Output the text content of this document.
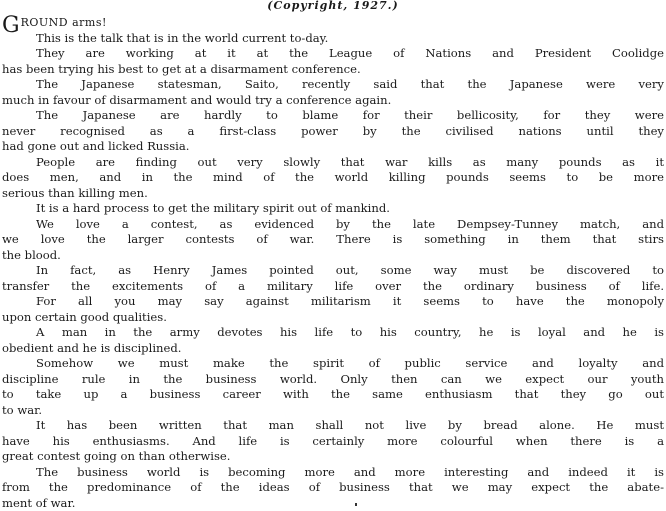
(Copyright, 1927.)
GROUND arms!
This is the talk that is in the world current to-day.
They are working at it at the League of Nations and President Coolidge
has been trying his best to get at a disarmament conference.
The Japanese statesman, Saito, recently said that the Japanese were very
much in favour of disarmament and would try a conference again.
The Japanese are hardly to blame for their bellicosity, for they were
never recognised as a first-class power by the civilised nations until they
had gone out and licked Russia.
People are finding out very slowly that war kills as many pounds as it
does men, and in the mind of the world killing pounds seems to be more
serious than killing men.
It is a hard process to get the military spirit out of mankind.
We love a contest, as evidenced by the late Dempsey-Tunney match, and
we love the larger contests of war. There is something in them that stirs
the blood.
In fact, as Henry James pointed out, some way must be discovered to
transfer the excitements of a military life over the ordinary business of life.
For all you may say against militarism it seems to have the monopoly
upon certain good qualities.
A man in the army devotes his life to his country, he is loyal and he is
obedient and he is disciplined.
Somehow we must make the spirit of public service and loyalty and
discipline rule in the business world. Only then can we expect our youth
to take up a business career with the same enthusiasm that they go out
to war.
It has been written that man shall not live by bread alone. He must
have his enthusiasms. And life is certainly more colourful when there is a
great contest going on than otherwise.
The business world is becoming more and more interesting and indeed it is
from the predominance of the ideas of business that we may expect the abate-
ment of war.
